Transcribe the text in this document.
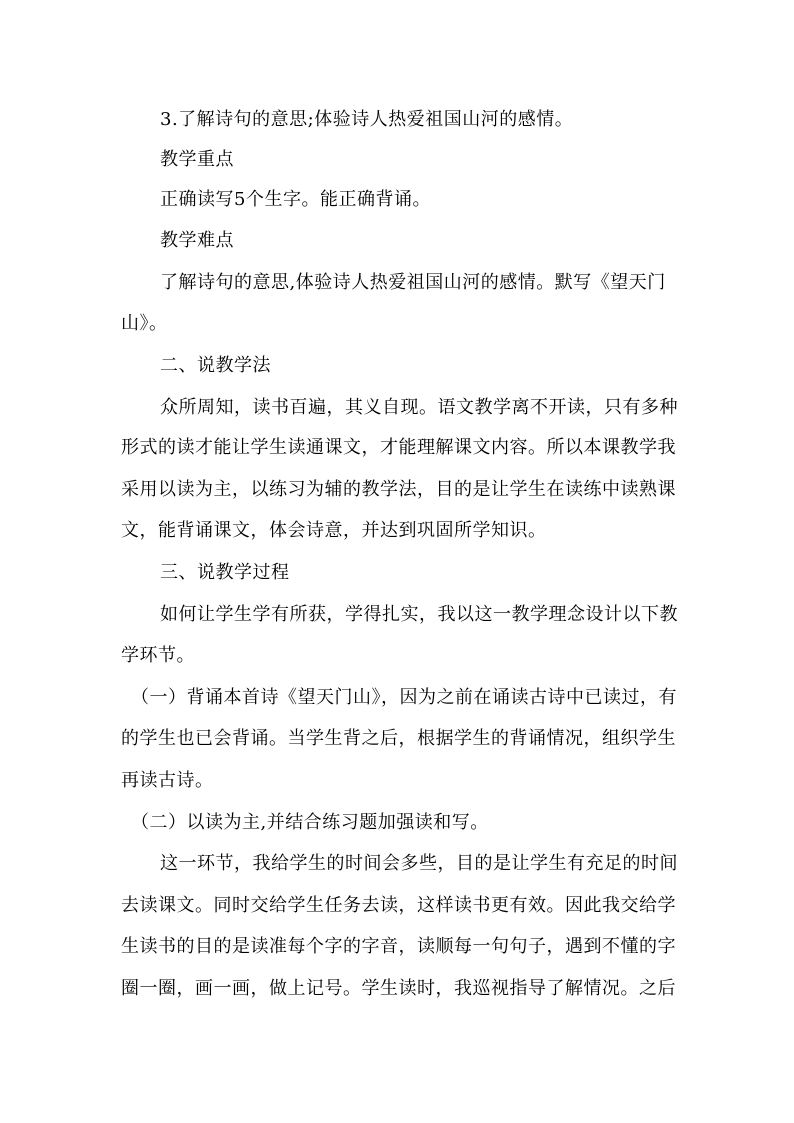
3.了解诗句的意思;体验诗人热爱祖国山河的感情。
教学重点
正确读写5个生字。能正确背诵。
教学难点
了解诗句的意思,体验诗人热爱祖国山河的感情。默写《望天门
山》。
二、说教学法
众所周知，读书百遍，其义自现。语文教学离不开读，只有多种
形式的读才能让学生读通课文，才能理解课文内容。所以本课教学我
采用以读为主，以练习为辅的教学法，目的是让学生在读练中读熟课
文，能背诵课文，体会诗意，并达到巩固所学知识。
三、说教学过程
如何让学生学有所获，学得扎实，我以这一教学理念设计以下教
学环节。
（一）背诵本首诗《望天门山》，因为之前在诵读古诗中已读过，有
的学生也已会背诵。当学生背之后，根据学生的背诵情况，组织学生
再读古诗。
（二）以读为主,并结合练习题加强读和写。
这一环节，我给学生的时间会多些，目的是让学生有充足的时间
去读课文。同时交给学生任务去读，这样读书更有效。因此我交给学
生读书的目的是读准每个字的字音，读顺每一句句子，遇到不懂的字
圈一圈，画一画，做上记号。学生读时，我巡视指导了解情况。之后
